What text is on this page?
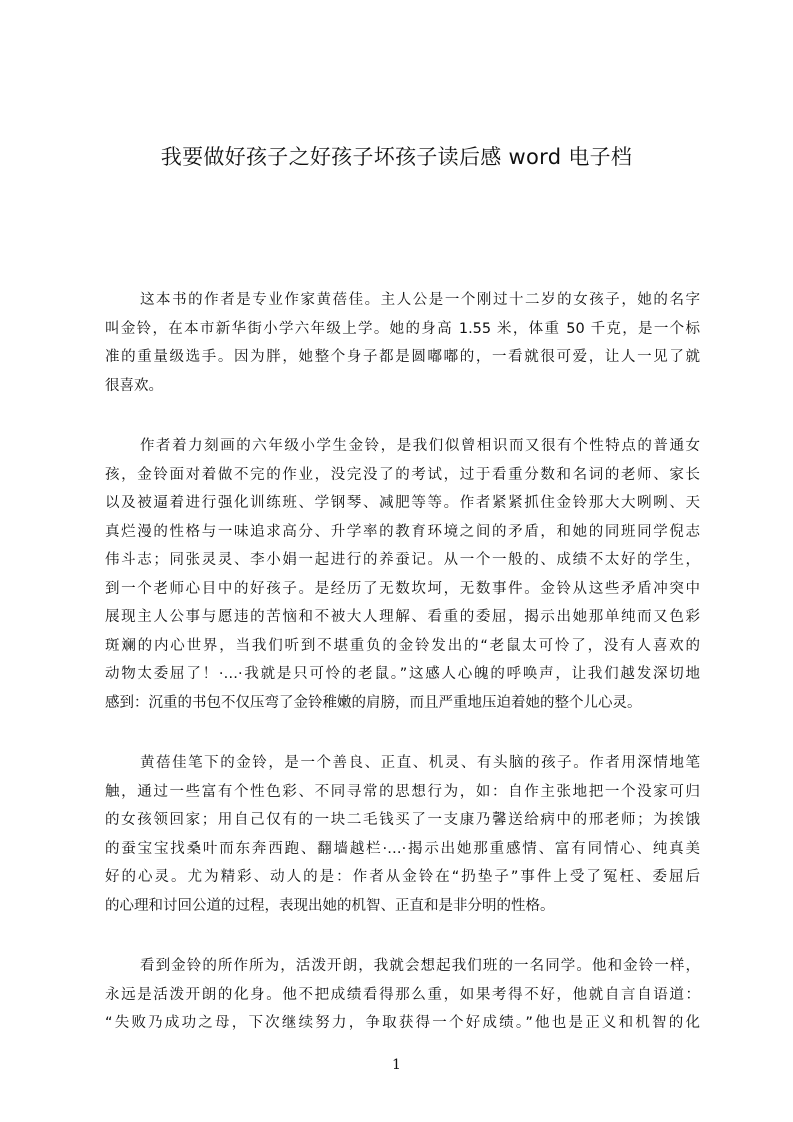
我要做好孩子之好孩子坏孩子读后感 word 电子档
这本书的作者是专业作家黄蓓佳。主人公是一个刚过十二岁的女孩子，她的名字
叫金铃，在本市新华街小学六年级上学。她的身高 1.55 米，体重 50 千克，是一个标
准的重量级选手。因为胖，她整个身子都是圆嘟嘟的，一看就很可爱，让人一见了就
很喜欢。
作者着力刻画的六年级小学生金铃，是我们似曾相识而又很有个性特点的普通女
孩，金铃面对着做不完的作业，没完没了的考试，过于看重分数和名词的老师、家长
以及被逼着进行强化训练班、学钢琴、减肥等等。作者紧紧抓住金铃那大大咧咧、天
真烂漫的性格与一味追求高分、升学率的教育环境之间的矛盾，和她的同班同学倪志
伟斗志；同张灵灵、李小娟一起进行的养蚕记。从一个一般的、成绩不太好的学生，
到一个老师心目中的好孩子。是经历了无数坎坷，无数事件。金铃从这些矛盾冲突中
展现主人公事与愿违的苦恼和不被大人理解、看重的委屈，揭示出她那单纯而又色彩
斑斓的内心世界，当我们听到不堪重负的金铃发出的“老鼠太可怜了，没有人喜欢的
动物太委屈了！·…·我就是只可怜的老鼠。”这感人心魄的呼唤声，让我们越发深切地
感到：沉重的书包不仅压弯了金铃稚嫩的肩膀，而且严重地压迫着她的整个儿心灵。
黄蓓佳笔下的金铃，是一个善良、正直、机灵、有头脑的孩子。作者用深情地笔
触，通过一些富有个性色彩、不同寻常的思想行为，如：自作主张地把一个没家可归
的女孩领回家；用自己仅有的一块二毛钱买了一支康乃馨送给病中的邢老师；为挨饿
的蚕宝宝找桑叶而东奔西跑、翻墙越栏·…·揭示出她那重感情、富有同情心、纯真美
好的心灵。尤为精彩、动人的是：作者从金铃在“扔垫子”事件上受了冤枉、委屈后
的心理和讨回公道的过程，表现出她的机智、正直和是非分明的性格。
看到金铃的所作所为，活泼开朗，我就会想起我们班的一名同学。他和金铃一样，
永远是活泼开朗的化身。他不把成绩看得那么重，如果考得不好，他就自言自语道：
“失败乃成功之母，下次继续努力，争取获得一个好成绩。”他也是正义和机智的化
1
